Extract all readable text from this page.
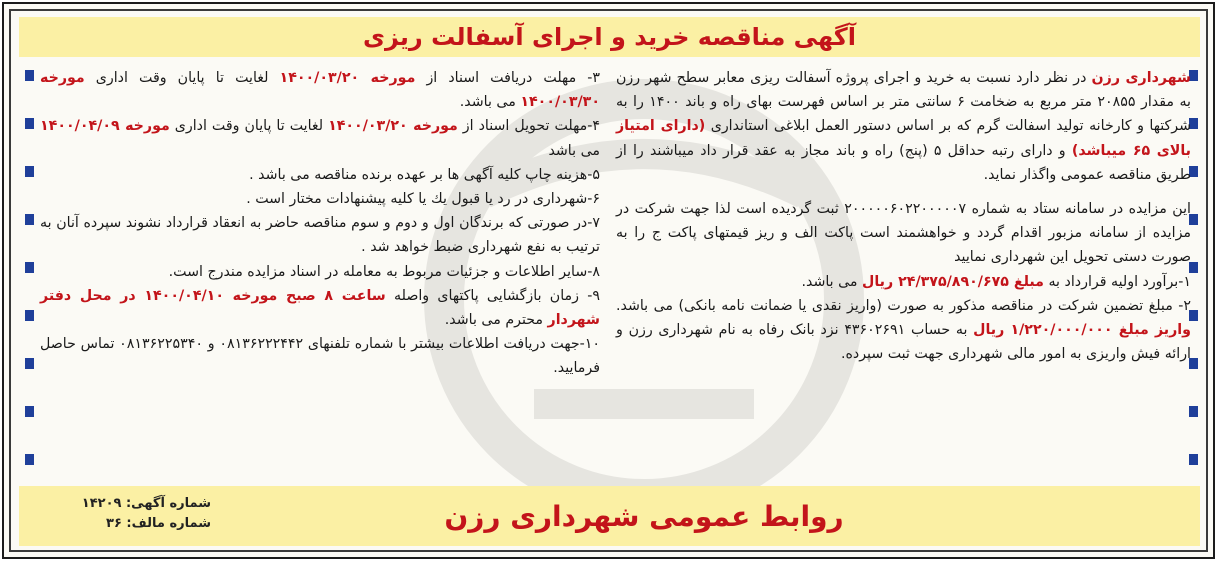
آگهی مناقصه خرید و اجرای آسفالت ریزی

شهرداری رزن در نظر دارد نسبت به خرید و اجرای پروژه آسفالت ریزی معابر سطح شهر رزن به مقدار ۲۰۸۵۵ متر مربع به ضخامت ۶ سانتی متر بر اساس فهرست بهای راه و باند ۱۴۰۰ را به شرکتها و کارخانه تولید اسفالت گرم که بر اساس دستور العمل ابلاغی استانداری (دارای امتیاز بالای ۶۵ میباشد) و دارای رتبه حداقل ۵ (پنج) راه و باند مجاز به عقد قرار داد میباشند را از طریق مناقصه عمومی واگذار نماید.

این مزایده در سامانه ستاد به شماره ۲۰۰۰۰۰۶۰۲۲۰۰۰۰۰۷ ثبت گردیده است لذا جهت شرکت در مزایده از سامانه مزبور اقدام گردد و خواهشمند است پاکت الف و ریز قیمتهای پاکت ج را به صورت دستی تحویل این شهرداری نمایید

۱-برآورد اولیه قرارداد به مبلغ ۲۴/۳۷۵/۸۹۰/۶۷۵ ریال می باشد.

۲- مبلغ تضمین شرکت در مناقصه مذکور به صورت (واریز نقدی یا ضمانت نامه بانکی) می باشد. واریز مبلغ ۱/۲۲۰/۰۰۰/۰۰۰ ریال به حساب ۴۳۶۰۲۶۹۱ نزد بانک رفاه به نام شهرداری رزن و ارائه فیش واریزی به امور مالی شهرداری جهت ثبت سپرده.

۳- مهلت دریافت اسناد از مورخه ۱۴۰۰/۰۳/۲۰ لغایت تا پایان وقت اداری مورخه ۱۴۰۰/۰۳/۳۰ می باشد.

۴-مهلت تحویل اسناد از مورخه ۱۴۰۰/۰۳/۲۰ لغایت تا پایان وقت اداری مورخه ۱۴۰۰/۰۴/۰۹ می باشد

۵-هزینه چاپ کلیه آگهی ها بر عهده برنده مناقصه می باشد .

۶-شهرداری در رد یا قبول یك یا کلیه پیشنهادات مختار است .

۷-در صورتی که برندگان اول و دوم و سوم مناقصه حاضر به انعقاد قرارداد نشوند سپرده آنان به ترتیب به نفع شهرداری ضبط خواهد شد .

۸-سایر اطلاعات و جزئیات مربوط به معامله در اسناد مزایده مندرج است.

۹- زمان بازگشایی پاکتهای واصله ساعت ۸ صبح مورخه ۱۴۰۰/۰۴/۱۰ در محل دفتر شهردار محترم می باشد.

۱۰-جهت دریافت اطلاعات بیشتر با شماره تلفنهای ۰۸۱۳۶۲۲۲۴۴۲ و ۰۸۱۳۶۲۲۵۳۴۰ تماس حاصل فرمایید.

روابط عمومی شهرداری رزن
شماره آگهی: ۱۴۲۰۹
شماره مالف: ۳۶
